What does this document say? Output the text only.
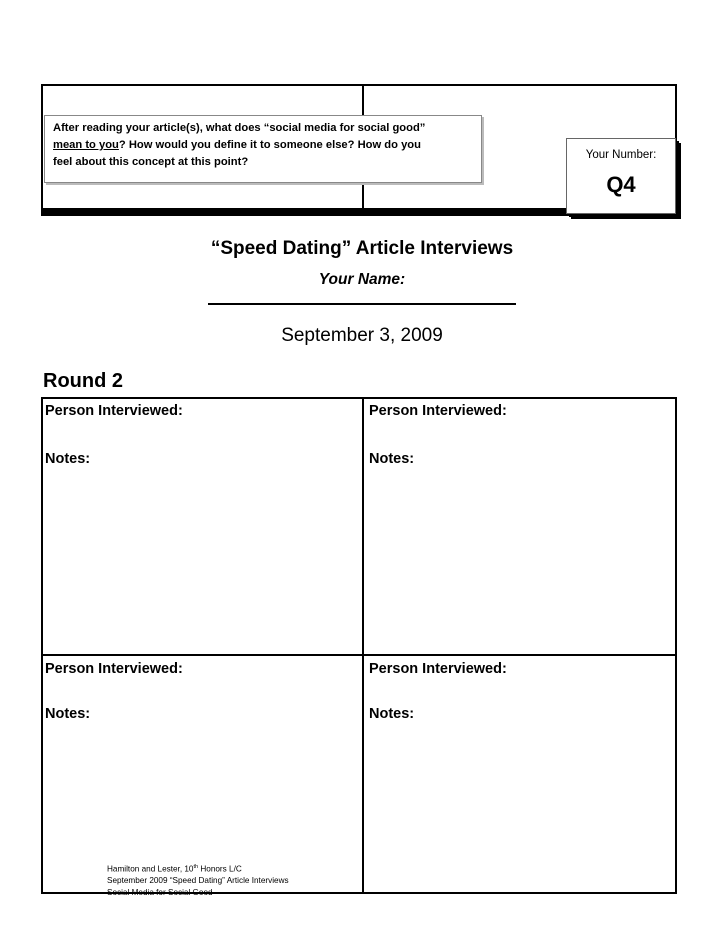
After reading your article(s), what does “social media for social good”
mean to you? How would you define it to someone else? How do you
feel about this concept at this point?
Your Number:
Q4
“Speed Dating” Article Interviews
Your Name:
September 3, 2009
Round 2
Person Interviewed:
Notes:
Person Interviewed:
Notes:
Person Interviewed:
Notes:
Person Interviewed:
Notes:
Hamilton and Lester, 10th Honors L/C
September 2009 “Speed Dating” Article Interviews
Social Media for Social Good
